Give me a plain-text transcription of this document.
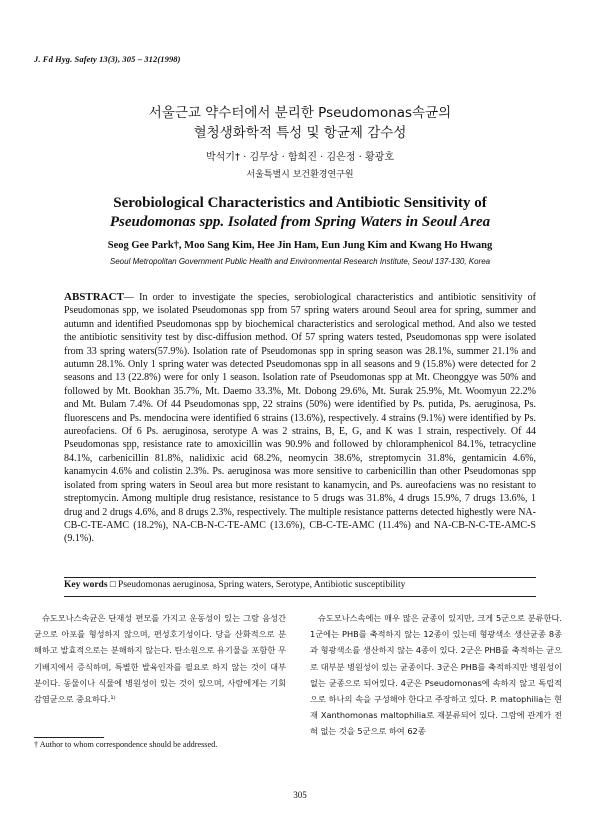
J. Fd Hyg. Safety 13(3), 305 – 312(1998)
서울근교 약수터에서 분리한 Pseudomonas속균의
혈청생화학적 특성 및 항균제 감수성
박석기† · 김무상 · 함희진 · 김은정 · 황광호
서울특별시 보건환경연구원
Serobiological Characteristics and Antibiotic Sensitivity of
Pseudomonas spp. Isolated from Spring Waters in Seoul Area
Seog Gee Park†, Moo Sang Kim, Hee Jin Ham, Eun Jung Kim and Kwang Ho Hwang
Seoul Metropolitan Government Public Health and Environmental Research Institute, Seoul 137-130, Korea
ABSTRACT— In order to investigate the species, serobiological characteristics and antibiotic sensitivity of Pseudomonas spp, we isolated Pseudomonas spp from 57 spring waters around Seoul area for spring, summer and autumn and identified Pseudomonas spp by biochemical characteristics and serological method. And also we tested the antibiotic sensitivity test by disc-diffusion method. Of 57 spring waters tested, Pseudomonas spp were isolated from 33 spring waters(57.9%). Isolation rate of Pseudomonas spp in spring season was 28.1%, summer 21.1% and autumn 28.1%. Only 1 spring water was detected Pseudomonas spp in all seasons and 9 (15.8%) were detected for 2 seasons and 13 (22.8%) were for only 1 season. Isolation rate of Pseudomonas spp at Mt. Cheonggye was 50% and followed by Mt. Bookhan 35.7%, Mt. Daemo 33.3%, Mt. Dobong 29.6%, Mt. Surak 25.9%, Mt. Woomyun 22.2% and Mt. Bulam 7.4%. Of 44 Pseudomonas spp, 22 strains (50%) were identified by Ps. putida, Ps. aeruginosa, Ps. fluorescens and Ps. mendocina were identified 6 strains (13.6%), respectively. 4 strains (9.1%) were identified by Ps. aureofaciens. Of 6 Ps. aeruginosa, serotype A was 2 strains, B, E, G, and K was 1 strain, respectively. Of 44 Pseudomonas spp, resistance rate to amoxicillin was 90.9% and followed by chloramphenicol 84.1%, tetracycline 84.1%, carbenicillin 81.8%, nalidixic acid 68.2%, neomycin 38.6%, streptomycin 31.8%, gentamicin 4.6%, kanamycin 4.6% and colistin 2.3%. Ps. aeruginosa was more sensitive to carbenicillin than other Pseudomonas spp isolated from spring waters in Seoul area but more resistant to kanamycin, and Ps. aureofaciens was no resistant to streptomycin. Among multiple drug resistance, resistance to 5 drugs was 31.8%, 4 drugs 15.9%, 7 drugs 13.6%, 1 drug and 2 drugs 4.6%, and 8 drugs 2.3%, respectively. The multiple resistance patterns detected highestly were NA-CB-C-TE-AMC (18.2%), NA-CB-N-C-TE-AMC (13.6%), CB-C-TE-AMC (11.4%) and NA-CB-N-C-TE-AMC-S (9.1%).
Key words □ Pseudomonas aeruginosa, Spring waters, Serotype, Antibiotic susceptibility

슈도모나스속균은 단재성 편모를 가지고 운동성이 있는 그람 음성간균으로 아포를 형성하지 않으며, 편성호기성이다. 당을 산화적으로 분해하고 발효적으로는 분해하지 않는다. 탄소원으로 유기물을 포함한 무기배지에서 증식하며, 특별한 발육인자를 필요로 하지 않는 것이 대부분이다. 동물이나 식물에 병원성이 있는 것이 있으며, 사람에게는 기회감염균으로 중요하다.¹⁾

슈도모나스속에는 매우 많은 균종이 있지만, 크게 5군으로 분류한다. 1군에는 PHB를 축적하지 않는 12종이 있는데 형광색소 생산균종 8종과 형광색소를 생산하지 않는 4종이 있다. 2군은 PHB를 축적하는 균으로 대부분 병원성이 있는 균종이다. 3군은 PHB를 축적하지만 병원성이 없는 균종으로 되어있다. 4군은 Pseudomonas에 속하지 않고 독립적으로 하나의 속을 구성해야 한다고 주장하고 있다. P. matophilia는 현재 Xanthomonas maltophilia로 재분류되어 있다. 그람에 관계가 전혀 없는 것을 5군으로 하여 62종

† Author to whom correspondence should be addressed.
305
